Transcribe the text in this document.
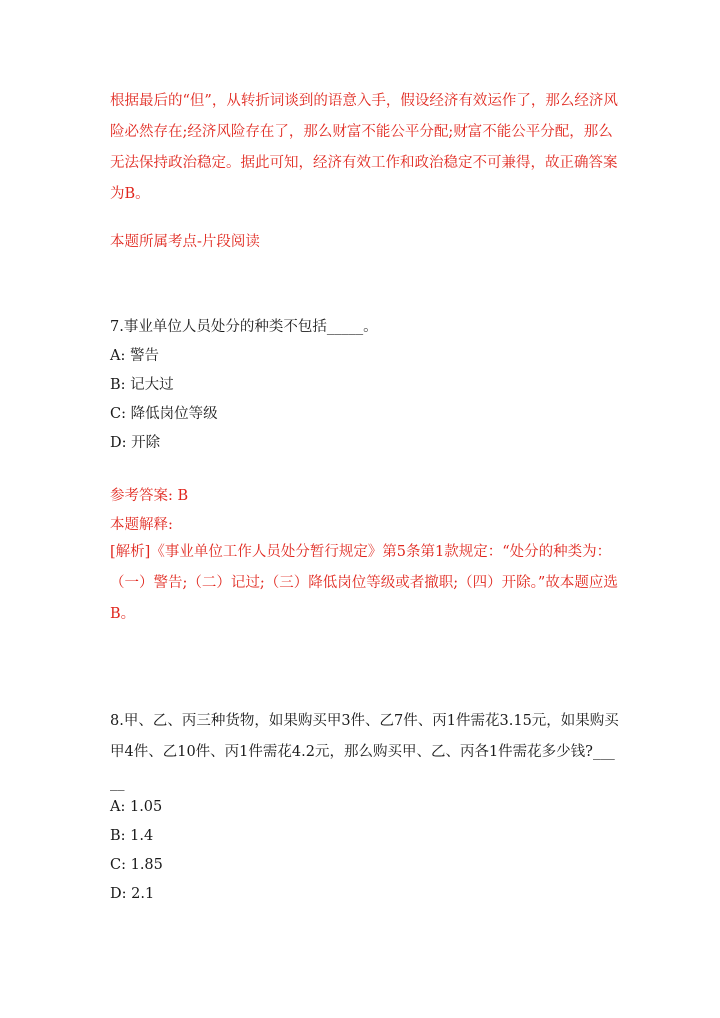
根据最后的“但”，从转折词谈到的语意入手，假设经济有效运作了，那么经济风险必然存在;经济风险存在了，那么财富不能公平分配;财富不能公平分配，那么无法保持政治稳定。据此可知，经济有效工作和政治稳定不可兼得，故正确答案为B。

本题所属考点-片段阅读

7.事业单位人员处分的种类不包括_____。

A: 警告

B: 记大过

C: 降低岗位等级

D: 开除

参考答案: B

本题解释:

[解析]《事业单位工作人员处分暂行规定》第5条第1款规定：“处分的种类为：（一）警告;（二）记过;（三）降低岗位等级或者撤职;（四）开除。”故本题应选B。

8.甲、乙、丙三种货物，如果购买甲3件、乙7件、丙1件需花3.15元，如果购买甲4件、乙10件、丙1件需花4.2元，那么购买甲、乙、丙各1件需花多少钱?_____

A: 1.05

B: 1.4

C: 1.85

D: 2.1
